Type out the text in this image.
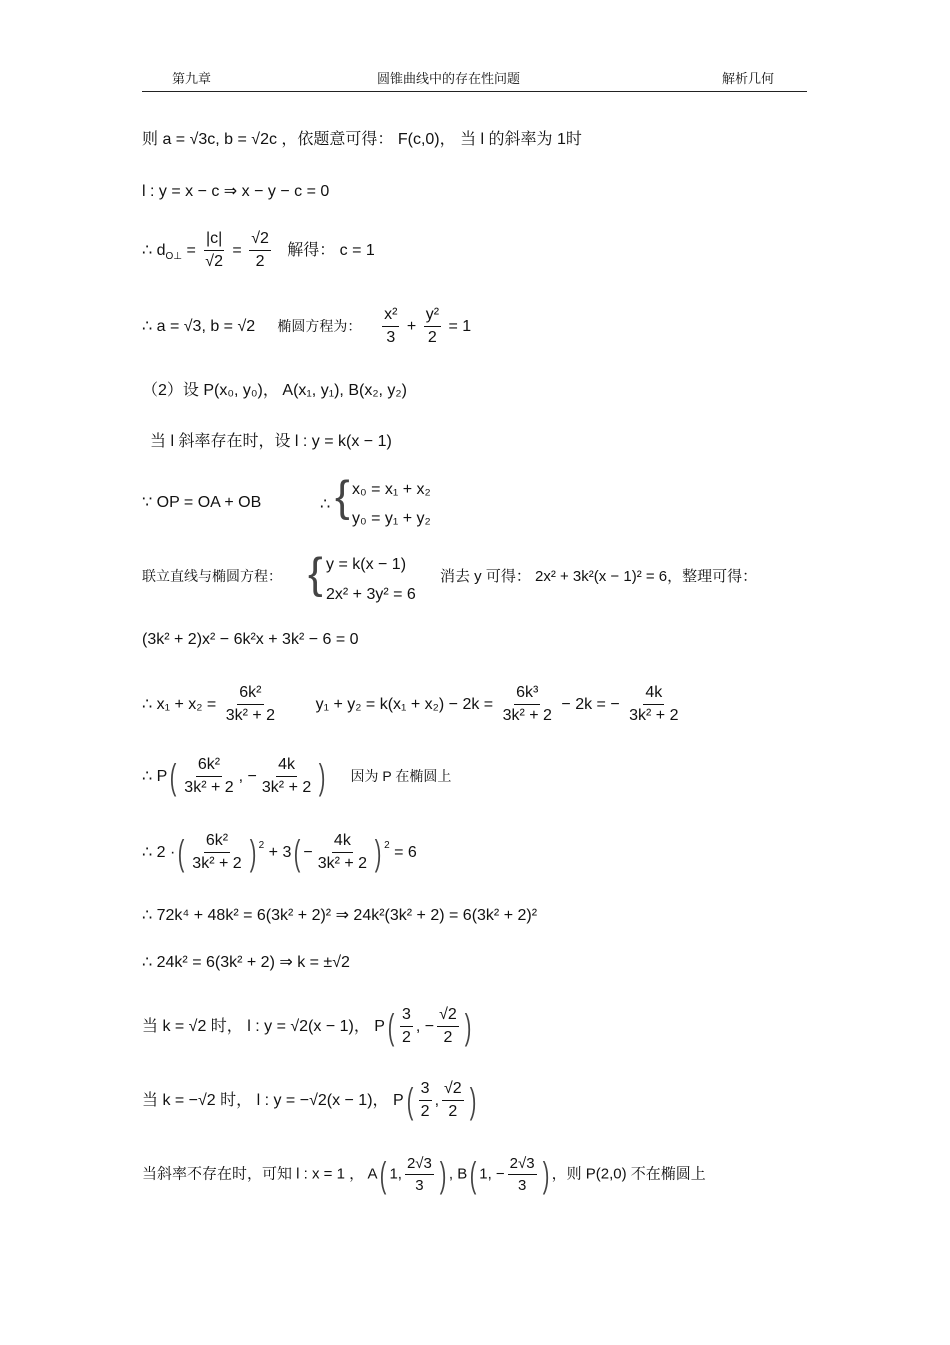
第九章	圆锥曲线中的存在性问题	解析几何
则 a = √3c, b = √2c ，依题意可得： F(c,0)， 当 l 的斜率为 1时
l : y = x − c ⇒ x − y − c = 0
∴ $d_{O\perp} = \frac{|c|}{√2} = \frac{√2}{2}$ 解得： c = 1
∴ a = √3, b = √2 椭圆方程为： $\frac{\text{x²}}{3} + \frac{\text{y²}}{2} = 1$
（2）设 P(x₀, y₀)， A(x₁, y₁), B(x₂, y₂)
当 l 斜率存在时，设 l : y = k(x − 1)
∵ OP = OA + OB {
∴
x₀ = x₁ + x₂
y₀ = y₁ + y₂
联立直线与椭圆方程： { y = k(x − 1)
2x² + 3y² = 6
消去 y 可得： 2x² + 3k²(x − 1)² = 6，整理可得：
(3k² + 2)x² − 6k²x + 3k² − 6 = 0
∴ $x_1 + x_2 = \frac{\text{6k²}}{\text{3k² + 2}} y_1 + y_2 = k(x_1 + x_2) - 2k = \frac{\text{6k³}}{\text{3k² + 2}} - 2k$ = − $\frac{4k}{\text{3k² + 2}}$
∴ $P( \frac{\text{6k²}}{\text{3k² + 2}}$ , − $\frac{4k}{\text{3k² + 2}}$ ) 因为 P 在椭圆上
∴ 2 ·( $\frac{\text{6k²}}{\text{3k² + 2}}$ ) $^2 + 3( - \frac{4k}{\text{3k² + 2}}$ ) $^2$ = 6
∴ 72k⁴ + 48k² = 6(3k² + 2)² ⇒ 24k²(3k² + 2) = 6(3k² + 2)²
∴ 24k² = 6(3k² + 2) ⇒ k = ±√2
当 k = √2 时， l : y = √2(x − 1)， $P( \frac{3}{2}$ , − $\frac{√2}{2}$ )
当 k = −√2 时， l : y = −√2(x − 1)， $P( \frac{3}{2}$ , $\frac{√2}{2}$ )
当斜率不存在时，可知 l : x = 1 ， A( 1, $\frac{2√3}{3}$ ) , B( 1, − $\frac{2√3}{3}$ ) ，则 P(2,0) 不在椭圆上
